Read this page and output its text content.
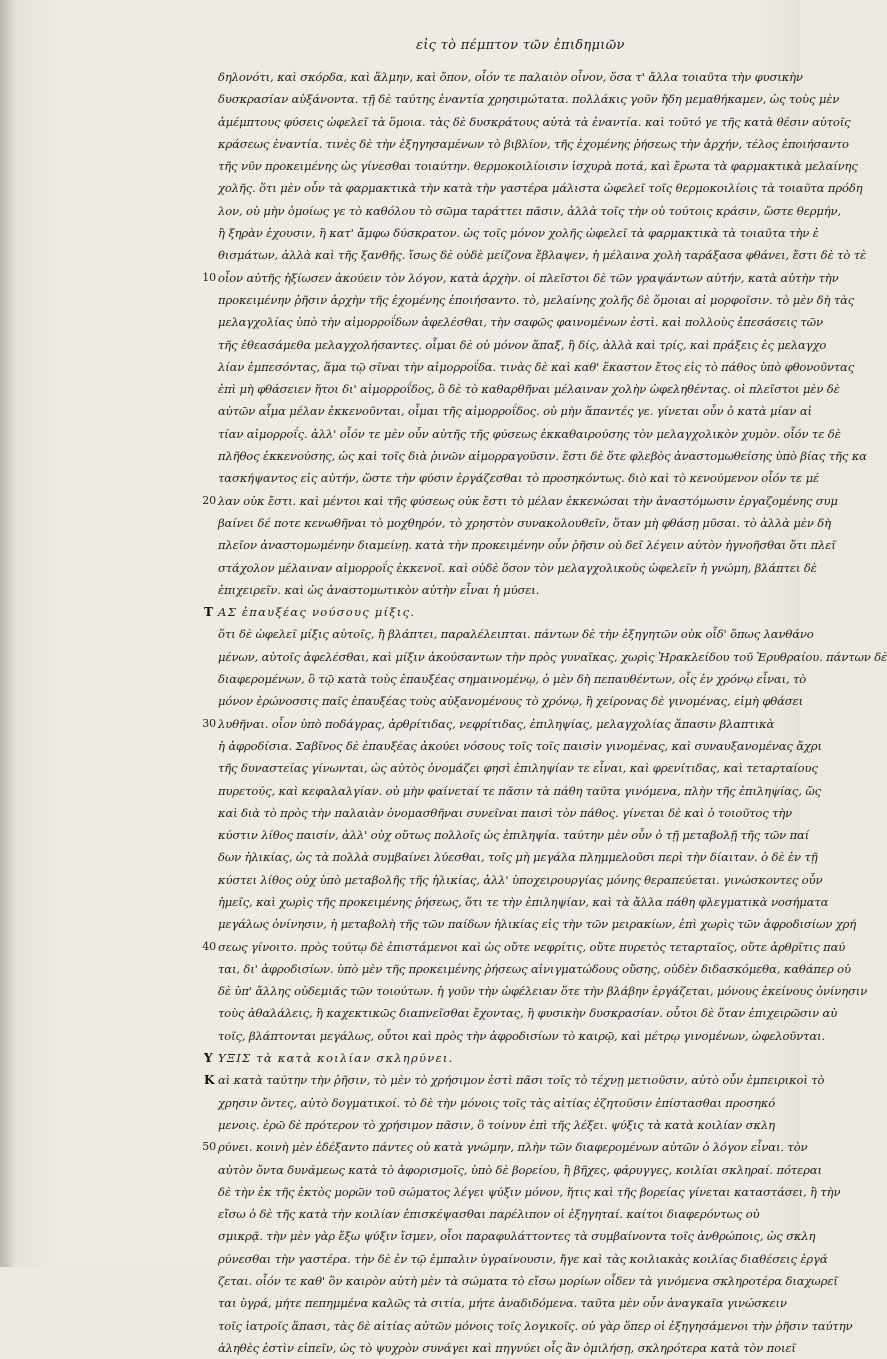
εἰς τὸ πέμπτον τῶν ἐπιδημιῶν
δηλονότι, καὶ σκόρδα, καὶ ἅλμην, καὶ ὄπον, οἷόν τε παλαιὸν οἶνον, ὅσα τ' ἄλλα τοιαῦτα τὴν φυσικὴν
δυσκρασίαν αὐξάνοντα. τῇ δὲ ταύτης ἐναντία χρησιμώτατα. πολλάκις γοῦν ἤδη μεμαθήκαμεν, ὡς τοὺς μὲν
ἀμέμπτους φύσεις ὠφελεῖ τὰ ὅμοια. τὰς δὲ δυσκράτους αὐτὰ τὰ ἐναντία. καὶ τοῦτό γε τῆς κατὰ θέσιν αὐτοῖς
κράσεως ἐναντία. τινὲς δὲ τὴν ἐξηγησαμένων τὸ βιβλίον, τῆς ἐχομένης ῥήσεως τὴν ἀρχήν, τέλος ἐποιήσαντο
τῆς νῦν προκειμένης ὡς γίνεσθαι τοιαύτην. θερμοκοιλίοισιν ἰσχυρὰ ποτά, καὶ ἔρωτα τὰ φαρμακτικὰ μελαίνης
χολῆς. ὅτι μὲν οὖν τὰ φαρμακτικὰ τὴν κατὰ τὴν γαστέρα μάλιστα ὠφελεῖ τοῖς θερμοκοιλίοις τὰ τοιαῦτα πρόδη
λον, οὐ μὴν ὁμοίως γε τὸ καθόλου τὸ σῶμα ταράττει πᾶσιν, ἀλλὰ τοῖς τὴν οὐ τούτοις κράσιν, ὥστε θερμήν,
ἢ ξηρὰν ἐχουσιν, ἢ κατ' ἄμφω δύσκρατον. ὡς τοῖς μόνον χολῆς ὠφελεῖ τὰ φαρμακτικὰ τὰ τοιαῦτα τὴν ἐ
θισμάτων, ἀλλὰ καὶ τῆς ξανθῆς. ἴσως δὲ οὐδὲ μείζονα ἔβλαψεν, ἡ μέλαινα χολὴ ταράξασα φθάνει, ἔστι δὲ τὸ τὲ
10 οἷον αὐτῆς ἠξίωσεν ἀκούειν τὸν λόγον, κατὰ ἀρχὴν. οἱ πλεῖστοι δὲ τῶν γραψάντων αὐτήν, κατὰ αὐτὴν τὴν
προκειμένην ῥῆσιν ἀρχὴν τῆς ἐχομένης ἐποιήσαντο. τὸ, μελαίνης χολῆς δὲ ὅμοιαι αἱ μορφοῖσιν. τὸ μὲν δὴ τὰς
μελαγχολίας ὑπὸ τὴν αἱμορροΐδων ἀφελέσθαι, τὴν σαφῶς φαινομένων ἐστὶ. καὶ πολλοὺς ἐπεσάσεις τῶν
τῆς ἐθεασάμεθα μελαγχολήσαντες. οἶμαι δὲ οὐ μόνον ἅπαξ, ἢ δίς, ἀλλὰ καὶ τρίς, καὶ πράξεις ἐς μελαγχο
λίαν ἐμπεσόντας, ἅμα τῷ σῖναι τὴν αἱμορροΐδα. τινὰς δὲ καὶ καθ' ἕκαστον ἔτος εἰς τὸ πάθος ὑπὸ φθονοῦντας
ἐπὶ μὴ φθάσειεν ἥτοι δι' αἱμορροΐδος, ὃ δὲ τὸ καθαρθῆναι μέλαιναν χολὴν ὠφεληθέντας. οἱ πλεῖστοι μὲν δὲ
αὐτῶν αἷμα μέλαν ἐκκενοῦνται, οἶμαι τῆς αἱμορροΐδος. οὐ μὴν ἅπαντές γε. γίνεται οὖν ὁ κατὰ μίαν αἰ
τίαν αἱμορροΐς. ἀλλ' οἷόν τε μὲν οὖν αὐτῆς τῆς φύσεως ἐκκαθαιρούσης τὸν μελαγχολικὸν χυμὸν. οἷόν τε δὲ
πλῆθος ἐκκενούσης, ὡς καὶ τοῖς διὰ ῥινῶν αἱμορραγοῦσιν. ἔστι δὲ ὅτε φλεβὸς ἀναστομωθείσης ὑπὸ βίας τῆς κα
τασκήψαντος εἰς αὐτήν, ὥστε τὴν φύσιν ἐργάζεσθαι τὸ προσηκόντως. διὸ καὶ τὸ κενούμενον οἷόν τε μέ
20 λαν οὐκ ἔστι. καὶ μέντοι καὶ τῆς φύσεως οὐκ ἔστι τὸ μέλαν ἐκκενώσαι τὴν ἀναστόμωσιν ἐργαζομένης συμ
βαίνει δέ ποτε κενωθῆναι τὸ μοχθηρόν, τὸ χρηστὸν συνακολουθεῖν, ὅταν μὴ φθάσῃ μῦσαι. τὸ ἀλλὰ μὲν δὴ
πλεῖον ἀναστομωμένην διαμείνῃ. κατὰ τὴν προκειμένην οὖν ῥῆσιν οὐ δεῖ λέγειν αὐτὸν ἠγνοῆσθαι ὅτι πλεῖ
στάχολον μέλαιναν αἱμορροΐς ἐκκενοῖ. καὶ οὐδὲ ὅσον τὸν μελαγχολικοὺς ὠφελεῖν ἡ γνώμη, βλάπτει δὲ
ἐπιχειρεῖν. καὶ ὡς ἀναστομωτικὸν αὐτὴν εἶναι ἡ μύσει.
Τ ΑΣ ἐπαυξέας νούσους μίξις.
ὅτι δὲ ὠφελεῖ μίξις αὐτοῖς, ἢ βλάπτει, παραλέλειπται. πάντων δὲ τὴν ἐξηγητῶν οὐκ οἶδ' ὅπως λανθάνο
μένων, αὐτοῖς ἀφελέσθαι, καὶ μίξιν ἀκούσαντων τὴν πρὸς γυναῖκας, χωρὶς Ἡρακλείδου τοῦ Ἐρυθραίου. πάντων δὲ
διαφερομένων, ὃ τῷ κατὰ τοὺς ἐπαυξέας σημαινομένῳ, ὁ μὲν δὴ πεπαυθέντων, οἷς ἐν χρόνῳ εἶναι, τὸ
μόνον ἐρώνοσσις παῖς ἐπαυξέας τοὺς αὐξανομένους τὸ χρόνῳ, ἢ χείρονας δὲ γινομένας, εἰμὴ φθάσει
30 λυθῆναι. οἷον ὑπὸ ποδάγρας, ἀρθρίτιδας, νεφρίτιδας, ἐπιληψίας, μελαγχολίας ἅπασιν βλαπτικὰ
ἡ ἀφροδίσια. Σαβῖνος δὲ ἐπαυξέας ἀκούει νόσους τοῖς τοῖς παισὶν γινομένας, καὶ συναυξανομένας ἄχρι
τῆς δυναστείας γίνωνται, ὡς αὐτὸς ὀνομάζει φησὶ ἐπιληψίαν τε εἶναι, καὶ φρενίτιδας, καὶ τεταρταίους
πυρετούς, καὶ κεφαλαλγίαν. οὐ μὴν φαίνεταί τε πᾶσιν τὰ πάθη ταῦτα γινόμενα, πλὴν τῆς ἐπιληψίας, ὥς
καὶ διὰ τὸ πρὸς τὴν παλαιὰν ὀνομασθῆναι συνεῖναι παισὶ τὸν πάθος. γίνεται δὲ καὶ ὁ τοιοῦτος τὴν
κύστιν λίθος παισίν, ἀλλ' οὐχ οὕτως πολλοῖς ὡς ἐπιληψία. ταύτην μὲν οὖν ὁ τῇ μεταβολῇ τῆς τῶν παί
δων ἡλικίας, ὡς τὰ πολλὰ συμβαίνει λύεσθαι, τοῖς μὴ μεγάλα πλημμελοῦσι περὶ τὴν δίαιταν. ὁ δὲ ἐν τῇ
κύστει λίθος οὐχ ὑπὸ μεταβολῆς τῆς ἡλικίας, ἀλλ' ὑποχειρουργίας μόνης θεραπεύεται. γινώσκοντες οὖν
ἡμεῖς, καὶ χωρὶς τῆς προκειμένης ῥήσεως, ὅτι τε τὴν ἐπιληψίαν, καὶ τὰ ἄλλα πάθη φλεγματικὰ νοσήματα
μεγάλως ὀνίνησιν, ἡ μεταβολὴ τῆς τῶν παίδων ἡλικίας εἰς τὴν τῶν μειρακίων, ἐπὶ χωρὶς τῶν ἀφροδισίων χρή
40 σεως γίνοιτο. πρὸς τούτῳ δὲ ἐπιστάμενοι καὶ ὡς οὔτε νεφρίτις, οὔτε πυρετὸς τεταρταῖος, οὔτε ἀρθρῖτις παύ
ται, δι' ἀφροδισίων. ὑπὸ μὲν τῆς προκειμένης ῥήσεως αἰνιγματώδους οὔσης, οὐδὲν διδασκόμεθα, καθάπερ οὐ
δὲ ὑπ' ἄλλης οὐδεμιᾶς τῶν τοιούτων. ἡ γοῦν τὴν ὠφέλειαν ὅτε τὴν βλάβην ἐργάζεται, μόνους ἐκείνους ὀνίνησιν
τοὺς ἀθαλάλεις, ἢ καχεκτικῶς διαπνεῖσθαι ἔχοντας, ἢ φυσικὴν δυσκρασίαν. οὗτοι δὲ ὅταν ἐπιχειρῶσιν αὐ
τοῖς, βλάπτονται μεγάλως, οὗτοι καὶ πρὸς τὴν ἀφροδισίων τὸ καιρῷ, καὶ μέτρῳ γινομένων, ὠφελοῦνται.
Υ ΥΞΙΣ τὰ κατὰ κοιλίαν σκληρύνει.
Κ αὶ κατὰ ταύτην τὴν ῥῆσιν, τὸ μὲν τὸ χρήσιμον ἐστὶ πᾶσι τοῖς τὸ τέχνῃ μετιοῦσιν, αὐτὸ οὖν ἐμπειρικοὶ τὸ
χρησιν ὄντες, αὐτὸ δογματικοί. τὸ δὲ τὴν μόνοις τοῖς τὰς αἰτίας ἐζητοῦσιν ἐπίστασθαι προσηκό
μενοις. ἐρῶ δὲ πρότερον τὸ χρήσιμον πᾶσιν, ὃ τοίνυν ἐπὶ τῆς λέξει. ψύξις τὰ κατὰ κοιλίαν σκλη
50 ρύνει. κοινὴ μὲν ἐδέξαντο πάντες οὐ κατὰ γνώμην, πλὴν τῶν διαφερομένων αὐτῶν ὁ λόγον εἶναι. τὸν
αὐτὸν ὄντα δυνάμεως κατὰ τὸ ἀφορισμοῖς, ὑπὸ δὲ βορείου, ἢ βῆχες, φάρυγγες, κοιλίαι σκληραί. πότεραι
δὲ τὴν ἐκ τῆς ἐκτὸς μορῶν τοῦ σώματος λέγει ψύξιν μόνον, ἥτις καὶ τῆς βορείας γίνεται καταστάσει, ἢ τὴν
εἴσω ὁ δὲ τῆς κατὰ τὴν κοιλίαν ἐπισκέψασθαι παρέλιπον οἱ ἐξηγηταί. καίτοι διαφερόντως οὐ
σμικρᾷ. τὴν μὲν γὰρ ἔξω ψύξιν ἴσμεν, οἷοι παραφυλάττοντες τὰ συμβαίνοντα τοῖς ἀνθρώποις, ὡς σκλη
ρύνεσθαι τὴν γαστέρα. τὴν δὲ ἐν τῷ ἐμπαλιν ὑγραίνουσιν, ἤγε καὶ τὰς κοιλιακὰς κοιλίας διαθέσεις ἐργά
ζεται. οἷόν τε καθ' ὃν καιρὸν αὐτὴ μὲν τὰ σώματα τὸ εἴσω μορίων οἶδεν τὰ γινόμενα σκληροτέρα διαχωρεῖ
ται ὑγρά, μήτε πεπημμένα καλῶς τὰ σιτία, μήτε ἀναδιδόμενα. ταῦτα μὲν οὖν ἀναγκαῖα γινώσκειν
τοῖς ἰατροῖς ἅπασι, τὰς δὲ αἰτίας αὐτῶν μόνοις τοῖς λογικοῖς. οὐ γὰρ ὅπερ οἱ ἐξηγησάμενοι τὴν ῥῆσιν ταύτην
ἀληθὲς ἐστὶν εἰπεῖν, ὡς τὸ ψυχρὸν συνάγει καὶ πηγνύει οἷς ἂν ὁμιλήσῃ, σκληρότερα κατὰ τὸν ποιεῖ
